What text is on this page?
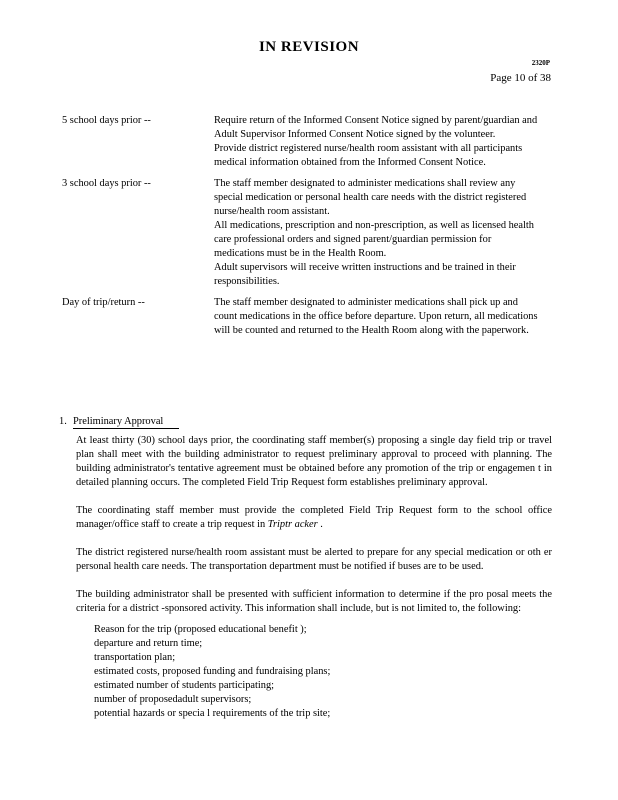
IN REVISION
2320P
Page 10 of 38
5 school days prior --	Require return of the Informed Consent Notice signed by parent/guardian and Adult Supervisor Informed Consent Notice signed by the volunteer.
Provide district registered nurse/health room assistant with all participants medical information obtained from the Informed Consent Notice.
3 school days prior --	The staff member designated to administer medications shall review any special medication or personal health care needs with the district registered nurse/health room assistant.
All medications, prescription and non-prescription, as well as licensed health care professional orders and signed parent/guardian permission for medications must be in the Health Room.
Adult supervisors will receive written instructions and be trained in their responsibilities.
Day of trip/return --	The staff member designated to administer medications shall pick up and count medications in the office before departure. Upon return, all medications will be counted and returned to the Health Room along with the paperwork.
1. Preliminary Approval
At least thirty (30) school days prior, the coordinating staff member(s) proposing a single day field trip or travel plan shall meet with the building administrator to request preliminary approval to proceed with planning. The building administrator's tentative agreement must be obtained before any promotion of the trip or engagemen t in detailed planning occurs. The completed Field Trip Request form establishes preliminary approval.
The coordinating staff member must provide the completed Field Trip Request form to the school office manager/office staff to create a trip request in Triptr acker .
The district registered nurse/health room assistant must be alerted to prepare for any special medication or oth er personal health care needs. The transportation department must be notified if buses are to be used.
The building administrator shall be presented with sufficient information to determine if the pro posal meets the criteria for a district -sponsored activity. This information shall include, but is not limited to, the following:
Reason for the trip (proposed educational benefit );
departure and return time;
transportation plan;
estimated costs, proposed funding and fundraising plans;
estimated number of students participating;
number of proposedadult supervisors;
potential hazards or specia l requirements of the trip site;
